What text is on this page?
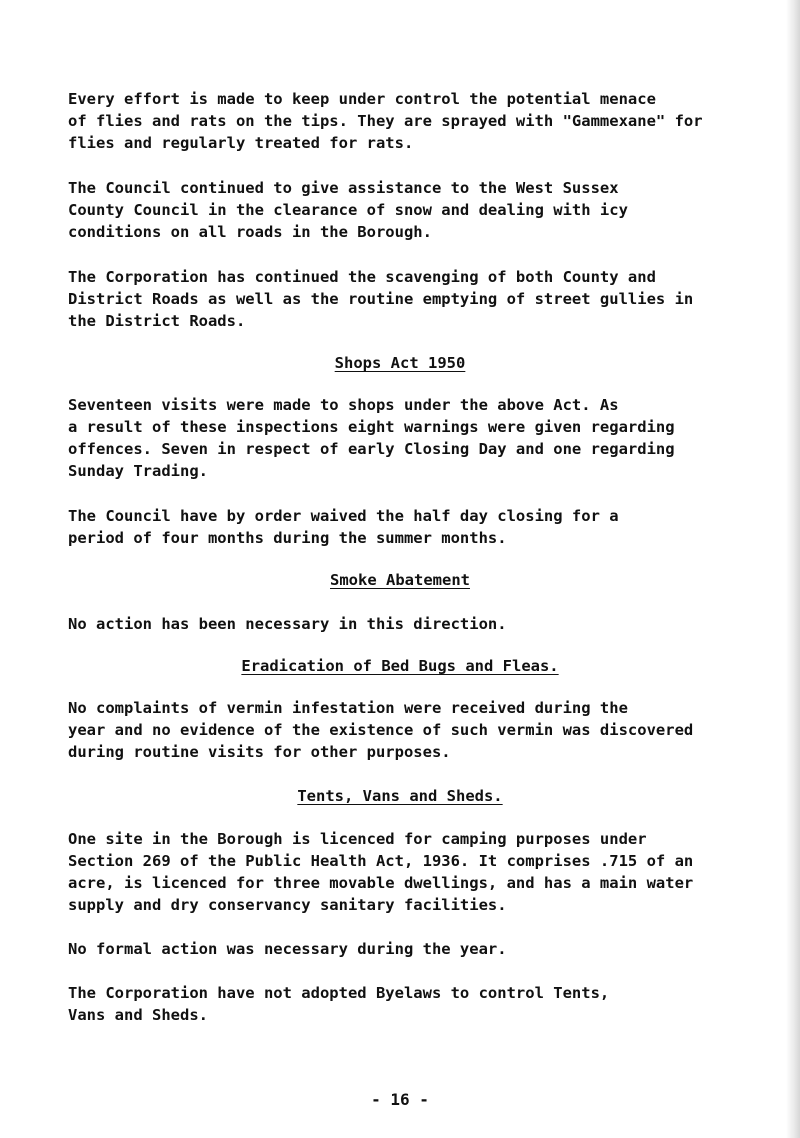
Every effort is made to keep under control the potential menace
of flies and rats on the tips. They are sprayed with "Gammexane" for
flies and regularly treated for rats.

The Council continued to give assistance to the West Sussex
County Council in the clearance of snow and dealing with icy
conditions on all roads in the Borough.

The Corporation has continued the scavenging of both County and
District Roads as well as the routine emptying of street gullies in
the District Roads.

Shops Act 1950

Seventeen visits were made to shops under the above Act. As
a result of these inspections eight warnings were given regarding
offences. Seven in respect of early Closing Day and one regarding
Sunday Trading.

The Council have by order waived the half day closing for a
period of four months during the summer months.

Smoke Abatement

No action has been necessary in this direction.

Eradication of Bed Bugs and Fleas.

No complaints of vermin infestation were received during the
year and no evidence of the existence of such vermin was discovered
during routine visits for other purposes.

Tents, Vans and Sheds.

One site in the Borough is licenced for camping purposes under
Section 269 of the Public Health Act, 1936. It comprises .715 of an
acre, is licenced for three movable dwellings, and has a main water
supply and dry conservancy sanitary facilities.

No formal action was necessary during the year.

The Corporation have not adopted Byelaws to control Tents,
Vans and Sheds.

- 16 -
